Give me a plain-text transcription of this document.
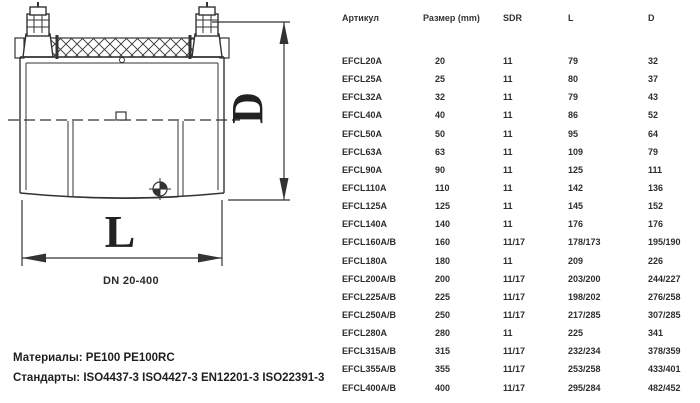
D
L
DN 20-400
Материалы: PE100 PE100RC
Стандарты: ISO4437-3 ISO4427-3 EN12201-3 ISO22391-3
Артикул	Размер (mm)	SDR	L	D
EFCL20A	20	11	79	32
EFCL25A	25	11	80	37
EFCL32A	32	11	79	43
EFCL40A	40	11	86	52
EFCL50A	50	11	95	64
EFCL63A	63	11	109	79
EFCL90A	90	11	125	111
EFCL110A	110	11	142	136
EFCL125A	125	11	145	152
EFCL140A	140	11	176	176
EFCL160A/B	160	11/17	178/173	195/190
EFCL180A	180	11	209	226
EFCL200A/B	200	11/17	203/200	244/227
EFCL225A/B	225	11/17	198/202	276/258
EFCL250A/B	250	11/17	217/285	307/285
EFCL280A	280	11	225	341
EFCL315A/B	315	11/17	232/234	378/359
EFCL355A/B	355	11/17	253/258	433/401
EFCL400A/B	400	11/17	295/284	482/452
